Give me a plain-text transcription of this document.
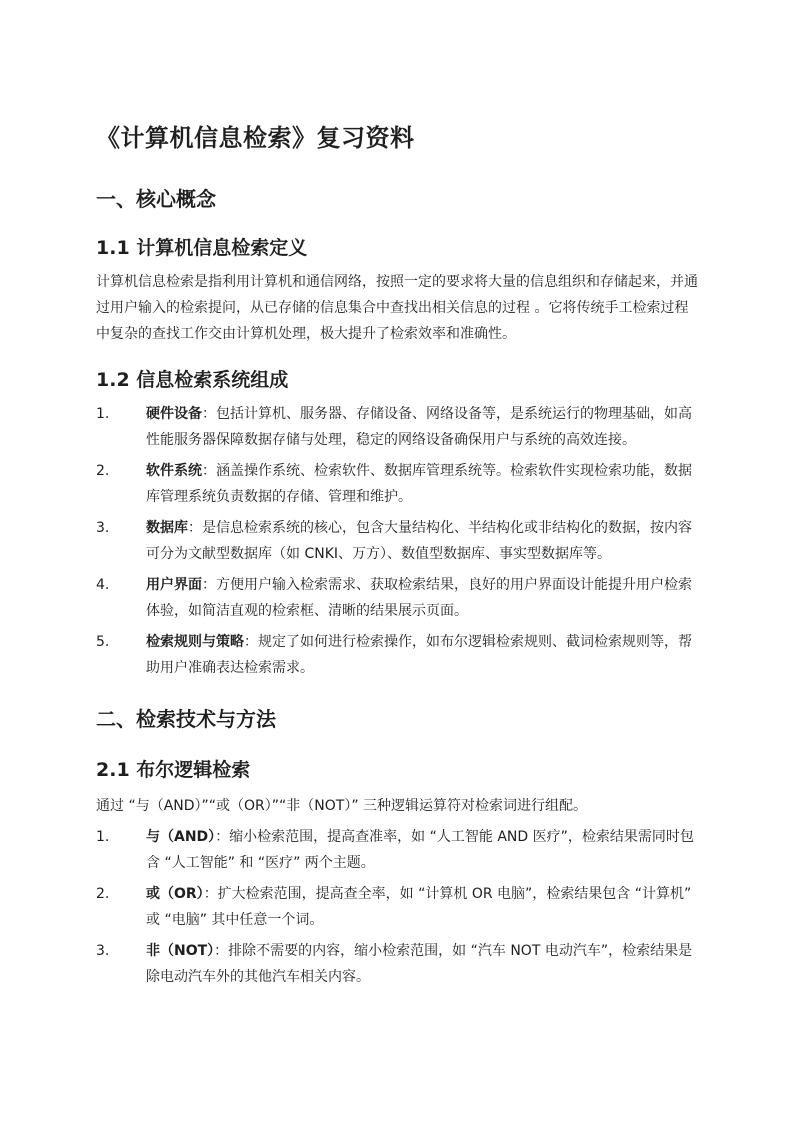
《计算机信息检索》复习资料
一、核心概念
1.1 计算机信息检索定义

计算机信息检索是指利用计算机和通信网络，按照一定的要求将大量的信息组织和存储起来，并通过用户输入的检索提问，从已存储的信息集合中查找出相关信息的过程 。它将传统手工检索过程中复杂的查找工作交由计算机处理，极大提升了检索效率和准确性。

1.2 信息检索系统组成
1.	硬件设备：包括计算机、服务器、存储设备、网络设备等，是系统运行的物理基础，如高性能服务器保障数据存储与处理，稳定的网络设备确保用户与系统的高效连接。
2.	软件系统：涵盖操作系统、检索软件、数据库管理系统等。检索软件实现检索功能，数据库管理系统负责数据的存储、管理和维护。
3.	数据库：是信息检索系统的核心，包含大量结构化、半结构化或非结构化的数据，按内容可分为文献型数据库（如 CNKI、万方）、数值型数据库、事实型数据库等。
4.	用户界面：方便用户输入检索需求、获取检索结果，良好的用户界面设计能提升用户检索体验，如简洁直观的检索框、清晰的结果展示页面。
5.	检索规则与策略：规定了如何进行检索操作，如布尔逻辑检索规则、截词检索规则等，帮助用户准确表达检索需求。
二、检索技术与方法
2.1 布尔逻辑检索

通过 “与（AND）”“或（OR）”“非（NOT）” 三种逻辑运算符对检索词进行组配。

1.	与（AND）：缩小检索范围，提高查准率，如 “人工智能 AND 医疗”，检索结果需同时包含 “人工智能” 和 “医疗” 两个主题。
2.	或（OR）：扩大检索范围，提高查全率，如 “计算机 OR 电脑”，检索结果包含 “计算机” 或 “电脑” 其中任意一个词。
3.	非（NOT）：排除不需要的内容，缩小检索范围，如 “汽车 NOT 电动汽车”，检索结果是除电动汽车外的其他汽车相关内容。
